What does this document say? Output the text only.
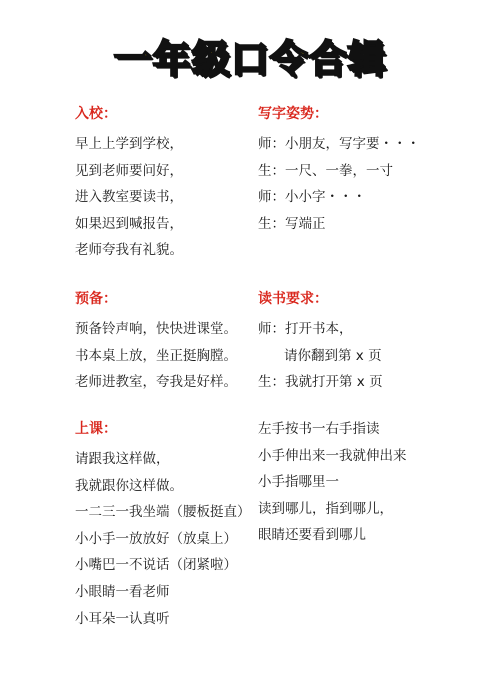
一年级口令合辑
入校：
早上上学到学校，
见到老师要问好，
进入教室要读书，
如果迟到喊报告，
老师夸我有礼貌。
写字姿势：
师：小朋友，写字要・・・
生：一尺、一拳，一寸
师：小小字・・・
生：写端正
预备：
预备铃声响，快快进课堂。
书本桌上放，坐正挺胸膛。
老师进教室，夸我是好样。
读书要求：
师：打开书本，
请你翻到第 x 页
生：我就打开第 x 页
上课：
请跟我这样做，
我就跟你这样做。
一二三一我坐端（腰板挺直）
小小手一放放好（放桌上）
小嘴巴一不说话（闭紧啦）
小眼睛一看老师
小耳朵一认真听
左手按书一右手指读
小手伸出来一我就伸出来
小手指哪里一
读到哪儿，指到哪儿，
眼睛还要看到哪儿
